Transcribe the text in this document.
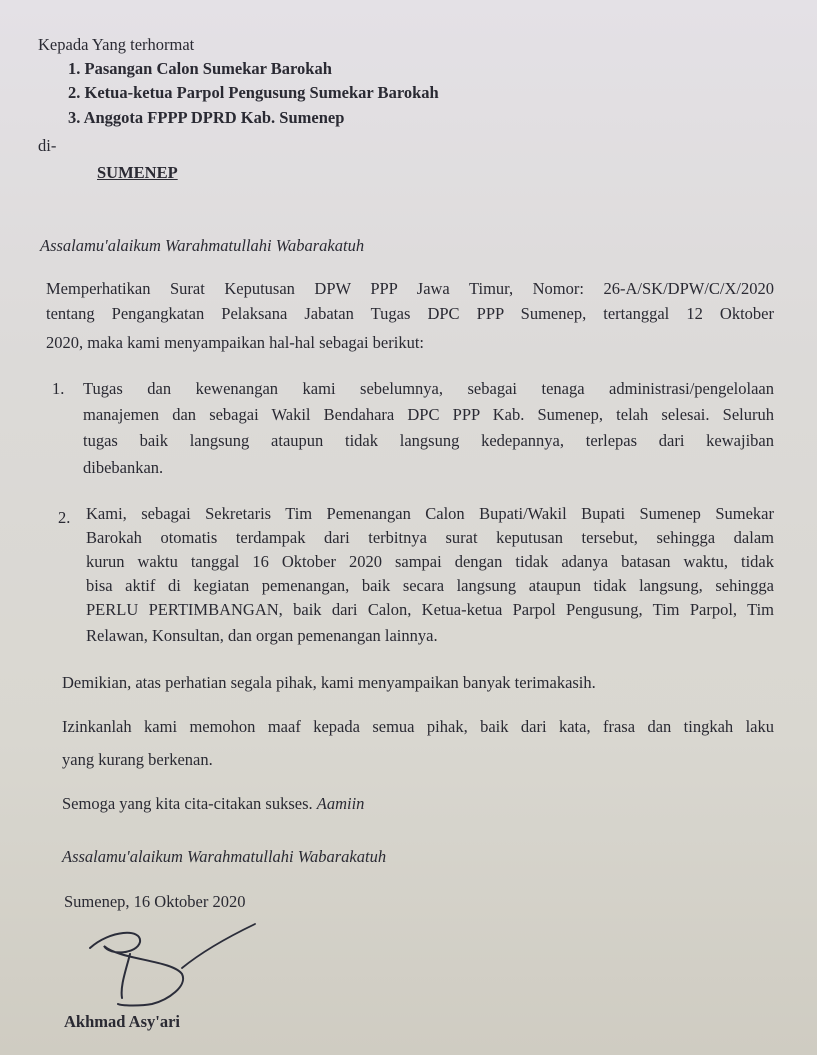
Kepada Yang terhormat
1. Pasangan Calon Sumekar Barokah
2. Ketua-ketua Parpol Pengusung Sumekar Barokah
3. Anggota FPPP DPRD Kab. Sumenep
di-
SUMENEP
Assalamu'alaikum Warahmatullahi Wabarakatuh
Memperhatikan Surat Keputusan DPW PPP Jawa Timur, Nomor: 26-A/SK/DPW/C/X/2020
tentang Pengangkatan Pelaksana Jabatan Tugas DPC PPP Sumenep, tertanggal 12 Oktober
2020, maka kami menyampaikan hal-hal sebagai berikut:
1. Tugas dan kewenangan kami sebelumnya, sebagai tenaga administrasi/pengelolaan
manajemen dan sebagai Wakil Bendahara DPC PPP Kab. Sumenep, telah selesai. Seluruh
tugas baik langsung ataupun tidak langsung kedepannya, terlepas dari kewajiban
dibebankan.
2. Kami, sebagai Sekretaris Tim Pemenangan Calon Bupati/Wakil Bupati Sumenep Sumekar
Barokah otomatis terdampak dari terbitnya surat keputusan tersebut, sehingga dalam
kurun waktu tanggal 16 Oktober 2020 sampai dengan tidak adanya batasan waktu, tidak
bisa aktif di kegiatan pemenangan, baik secara langsung ataupun tidak langsung, sehingga
PERLU PERTIMBANGAN, baik dari Calon, Ketua-ketua Parpol Pengusung, Tim Parpol, Tim
Relawan, Konsultan, dan organ pemenangan lainnya.
Demikian, atas perhatian segala pihak, kami menyampaikan banyak terimakasih.
Izinkanlah kami memohon maaf kepada semua pihak, baik dari kata, frasa dan tingkah laku
yang kurang berkenan.
Semoga yang kita cita-citakan sukses. Aamiin
Assalamu'alaikum Warahmatullahi Wabarakatuh
Sumenep, 16 Oktober 2020
Akhmad Asy'ari
